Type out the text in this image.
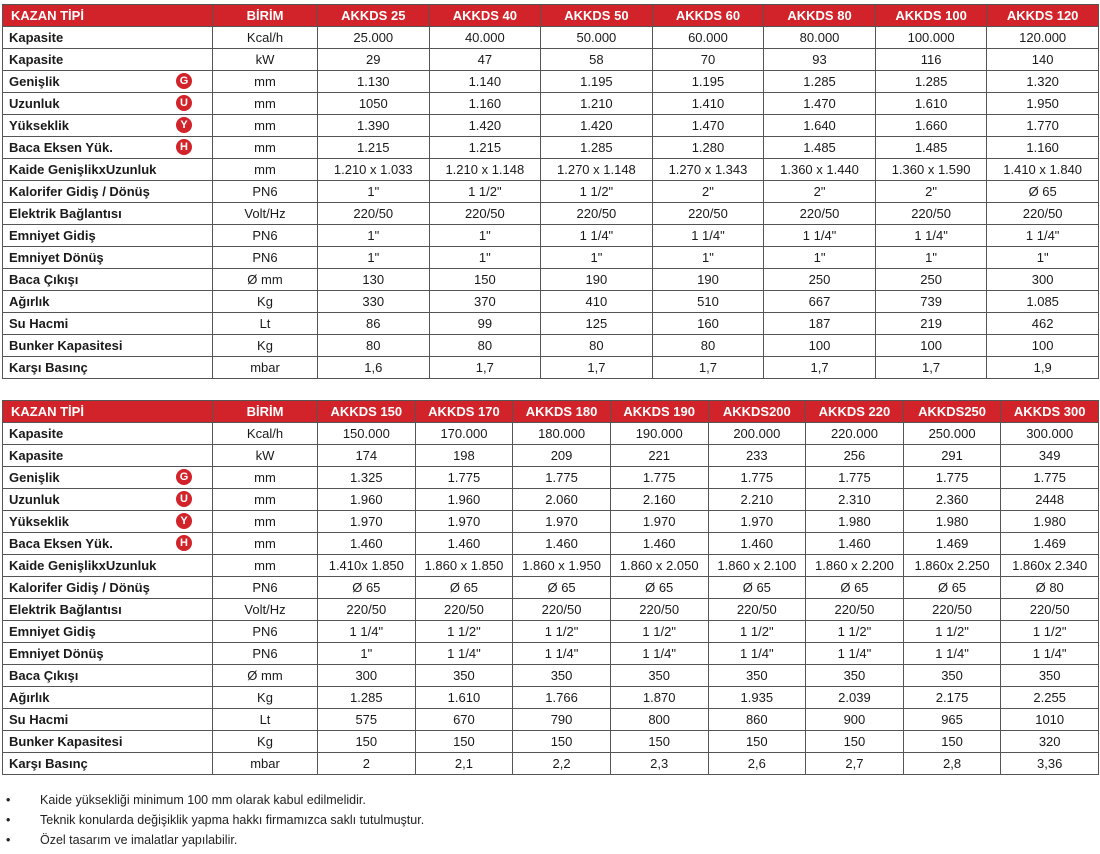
KAZAN TİPİ	BİRİM	AKKDS 25	AKKDS 40	AKKDS 50	AKKDS 60	AKKDS 80	AKKDS 100	AKKDS 120
Kapasite	Kcal/h	25.000	40.000	50.000	60.000	80.000	100.000	120.000
Kapasite	kW	29	47	58	70	93	116	140
Genişlik G	mm	1.130	1.140	1.195	1.195	1.285	1.285	1.320
Uzunluk U	mm	1050	1.160	1.210	1.410	1.470	1.610	1.950
Yükseklik Y	mm	1.390	1.420	1.420	1.470	1.640	1.660	1.770
Baca Eksen Yük. H	mm	1.215	1.215	1.285	1.280	1.485	1.485	1.160
Kaide GenişlikxUzunluk	mm	1.210 x 1.033	1.210 x 1.148	1.270 x 1.148	1.270 x 1.343	1.360 x 1.440	1.360 x 1.590	1.410 x 1.840
Kalorifer Gidiş / Dönüş	PN6	1"	1 1/2"	1 1/2"	2"	2"	2"	Ø 65
Elektrik Bağlantısı	Volt/Hz	220/50	220/50	220/50	220/50	220/50	220/50	220/50
Emniyet Gidiş	PN6	1"	1"	1 1/4"	1 1/4"	1 1/4"	1 1/4"	1 1/4"
Emniyet Dönüş	PN6	1"	1"	1"	1"	1"	1"	1"
Baca Çıkışı	Ø mm	130	150	190	190	250	250	300
Ağırlık	Kg	330	370	410	510	667	739	1.085
Su Hacmi	Lt	86	99	125	160	187	219	462
Bunker Kapasitesi	Kg	80	80	80	80	100	100	100
Karşı Basınç	mbar	1,6	1,7	1,7	1,7	1,7	1,7	1,9
KAZAN TİPİ	BİRİM	AKKDS 150	AKKDS 170	AKKDS 180	AKKDS 190	AKKDS200	AKKDS 220	AKKDS250	AKKDS 300
Kapasite	Kcal/h	150.000	170.000	180.000	190.000	200.000	220.000	250.000	300.000
Kapasite	kW	174	198	209	221	233	256	291	349
Genişlik G	mm	1.325	1.775	1.775	1.775	1.775	1.775	1.775	1.775
Uzunluk U	mm	1.960	1.960	2.060	2.160	2.210	2.310	2.360	2448
Yükseklik Y	mm	1.970	1.970	1.970	1.970	1.970	1.980	1.980	1.980
Baca Eksen Yük. H	mm	1.460	1.460	1.460	1.460	1.460	1.460	1.469	1.469
Kaide GenişlikxUzunluk	mm	1.410x 1.850	1.860 x 1.850	1.860 x 1.950	1.860 x 2.050	1.860 x 2.100	1.860 x 2.200	1.860x 2.250	1.860x 2.340
Kalorifer Gidiş / Dönüş	PN6	Ø 65	Ø 65	Ø 65	Ø 65	Ø 65	Ø 65	Ø 65	Ø 80
Elektrik Bağlantısı	Volt/Hz	220/50	220/50	220/50	220/50	220/50	220/50	220/50	220/50
Emniyet Gidiş	PN6	1 1/4"	1 1/2"	1 1/2"	1 1/2"	1 1/2"	1 1/2"	1 1/2"	1 1/2"
Emniyet Dönüş	PN6	1"	1 1/4"	1 1/4"	1 1/4"	1 1/4"	1 1/4"	1 1/4"	1 1/4"
Baca Çıkışı	Ø mm	300	350	350	350	350	350	350	350
Ağırlık	Kg	1.285	1.610	1.766	1.870	1.935	2.039	2.175	2.255
Su Hacmi	Lt	575	670	790	800	860	900	965	1010
Bunker Kapasitesi	Kg	150	150	150	150	150	150	150	320
Karşı Basınç	mbar	2	2,1	2,2	2,3	2,6	2,7	2,8	3,36
• Kaide yüksekliği minimum 100 mm olarak kabul edilmelidir.
• Teknik konularda değişiklik yapma hakkı firmamızca saklı tutulmuştur.
• Özel tasarım ve imalatlar yapılabilir.
